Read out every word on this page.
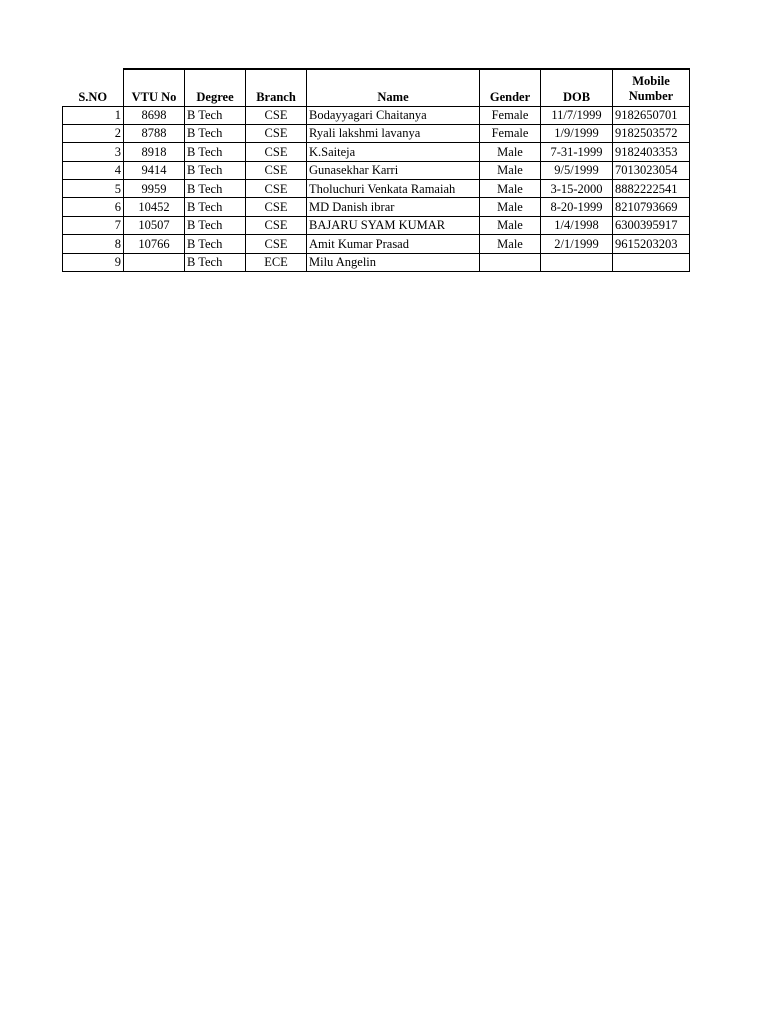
S.NO	VTU No	Degree	Branch	Name	Gender	DOB	Mobile
Number
1	8698	B Tech	CSE	Bodayyagari Chaitanya	Female	11/7/1999	9182650701
2	8788	B Tech	CSE	Ryali lakshmi lavanya	Female	1/9/1999	9182503572
3	8918	B Tech	CSE	K.Saiteja	Male	7-31-1999	9182403353
4	9414	B Tech	CSE	Gunasekhar Karri	Male	9/5/1999	7013023054
5	9959	B Tech	CSE	Tholuchuri Venkata Ramaiah	Male	3-15-2000	8882222541
6	10452	B Tech	CSE	MD Danish ibrar	Male	8-20-1999	8210793669
7	10507	B Tech	CSE	BAJARU SYAM KUMAR	Male	1/4/1998	6300395917
8	10766	B Tech	CSE	Amit Kumar Prasad	Male	2/1/1999	9615203203
9		B Tech	ECE	Milu Angelin			
